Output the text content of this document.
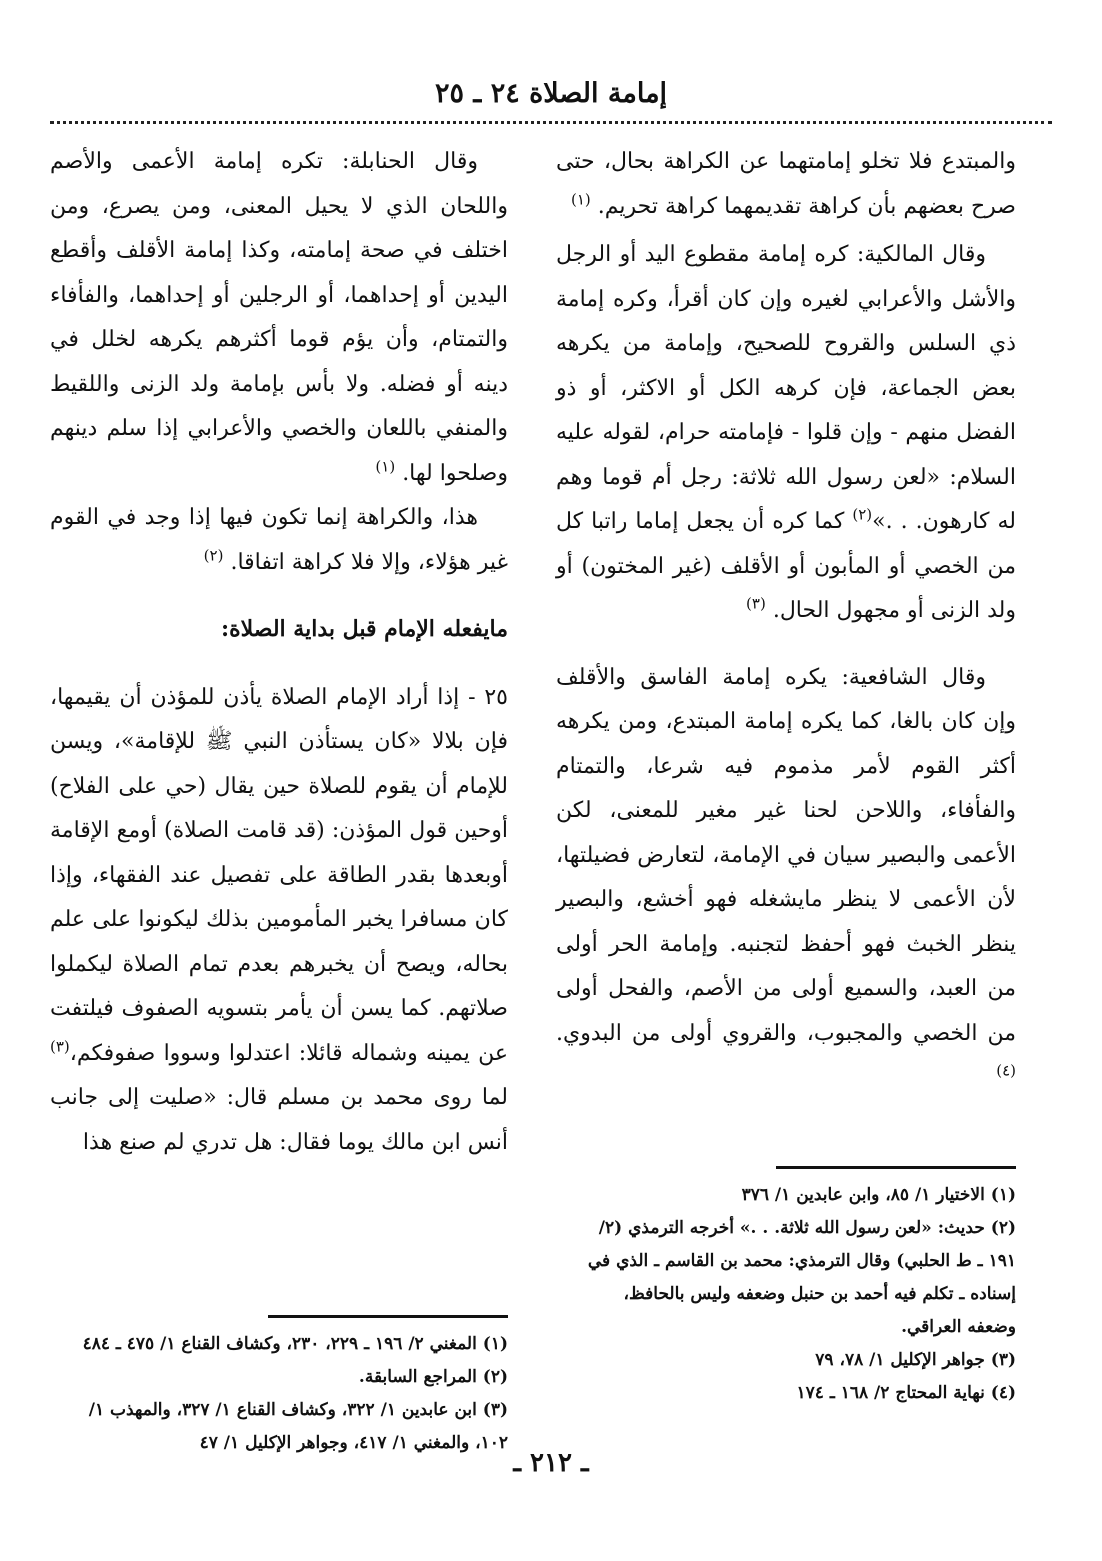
إمامة الصلاة ٢٤ ـ ٢٥

والمبتدع فلا تخلو إمامتهما عن الكراهة بحال، حتى صرح بعضهم بأن كراهة تقديمهما كراهة تحريم. $^{(١)}$

وقال المالكية: كره إمامة مقطوع اليد أو الرجل والأشل والأعرابي لغيره وإن كان أقرأ، وكره إمامة ذي السلس والقروح للصحيح، وإمامة من يكرهه بعض الجماعة، فإن كرهه الكل أو الاكثر، أو ذو الفضل منهم - وإن قلوا - فإمامته حرام، لقوله عليه السلام: «لعن رسول الله ثلاثة: رجل أم قوما وهم له كارهون. . .»$^{(٢)}$ كما كره أن يجعل إماما راتبا كل من الخصي أو المأبون أو الأقلف (غير المختون) أو ولد الزنى أو مجهول الحال. $^{(٣)}$

وقال الشافعية: يكره إمامة الفاسق والأقلف وإن كان بالغا، كما يكره إمامة المبتدع، ومن يكرهه أكثر القوم لأمر مذموم فيه شرعا، والتمتام والفأفاء، واللاحن لحنا غير مغير للمعنى، لكن الأعمى والبصير سيان في الإمامة، لتعارض فضيلتها، لأن الأعمى لا ينظر مايشغله فهو أخشع، والبصير ينظر الخبث فهو أحفظ لتجنبه. وإمامة الحر أولى من العبد، والسميع أولى من الأصم، والفحل أولى من الخصي والمجبوب، والقروي أولى من البدوي. $^{(٤)}$

وقال الحنابلة: تكره إمامة الأعمى والأصم واللحان الذي لا يحيل المعنى، ومن يصرع، ومن اختلف في صحة إمامته، وكذا إمامة الأقلف وأقطع اليدين أو إحداهما، أو الرجلين أو إحداهما، والفأفاء والتمتام، وأن يؤم قوما أكثرهم يكرهه لخلل في دينه أو فضله. ولا بأس بإمامة ولد الزنى واللقيط والمنفي باللعان والخصي والأعرابي إذا سلم دينهم وصلحوا لها. $^{(١)}$

هذا، والكراهة إنما تكون فيها إذا وجد في القوم غير هؤلاء، وإلا فلا كراهة اتفاقا. $^{(٢)}$

مايفعله الإمام قبل بداية الصلاة:

٢٥ - إذا أراد الإمام الصلاة يأذن للمؤذن أن يقيمها، فإن بلالا «كان يستأذن النبي ﷺ للإقامة»، ويسن للإمام أن يقوم للصلاة حين يقال (حي على الفلاح) أوحين قول المؤذن: (قد قامت الصلاة) أومع الإقامة أوبعدها بقدر الطاقة على تفصيل عند الفقهاء، وإذا كان مسافرا يخبر المأمومين بذلك ليكونوا على علم بحاله، ويصح أن يخبرهم بعدم تمام الصلاة ليكملوا صلاتهم. كما يسن أن يأمر بتسويه الصفوف فيلتفت عن يمينه وشماله قائلا: اعتدلوا وسووا صفوفكم،$^{(٣)}$ لما روى محمد بن مسلم قال: «صليت إلى جانب أنس ابن مالك يوما فقال: هل تدري لم صنع هذا

(١) الاختيار ١/ ٨٥، وابن عابدين ١/ ٣٧٦

(٢) حديث: «لعن رسول الله ثلاثة. . .» أخرجه الترمذي (٢/ ١٩١ ـ ط الحلبي) وقال الترمذي: محمد بن القاسم ـ الذي في إسناده ـ تكلم فيه أحمد بن حنبل وضعفه وليس بالحافظ، وضعفه العراقي.

(٣) جواهر الإكليل ١/ ٧٨، ٧٩

(٤) نهاية المحتاج ٢/ ١٦٨ ـ ١٧٤

(١) المغني ٢/ ١٩٦ ـ ٢٢٩، ٢٣٠، وكشاف القناع ١/ ٤٧٥ ـ ٤٨٤

(٢) المراجع السابقة.

(٣) ابن عابدين ١/ ٣٢٢، وكشاف القناع ١/ ٣٢٧، والمهذب ١/ ١٠٢، والمغني ١/ ٤١٧، وجواهر الإكليل ١/ ٤٧

ـ ٢١٢ ـ
